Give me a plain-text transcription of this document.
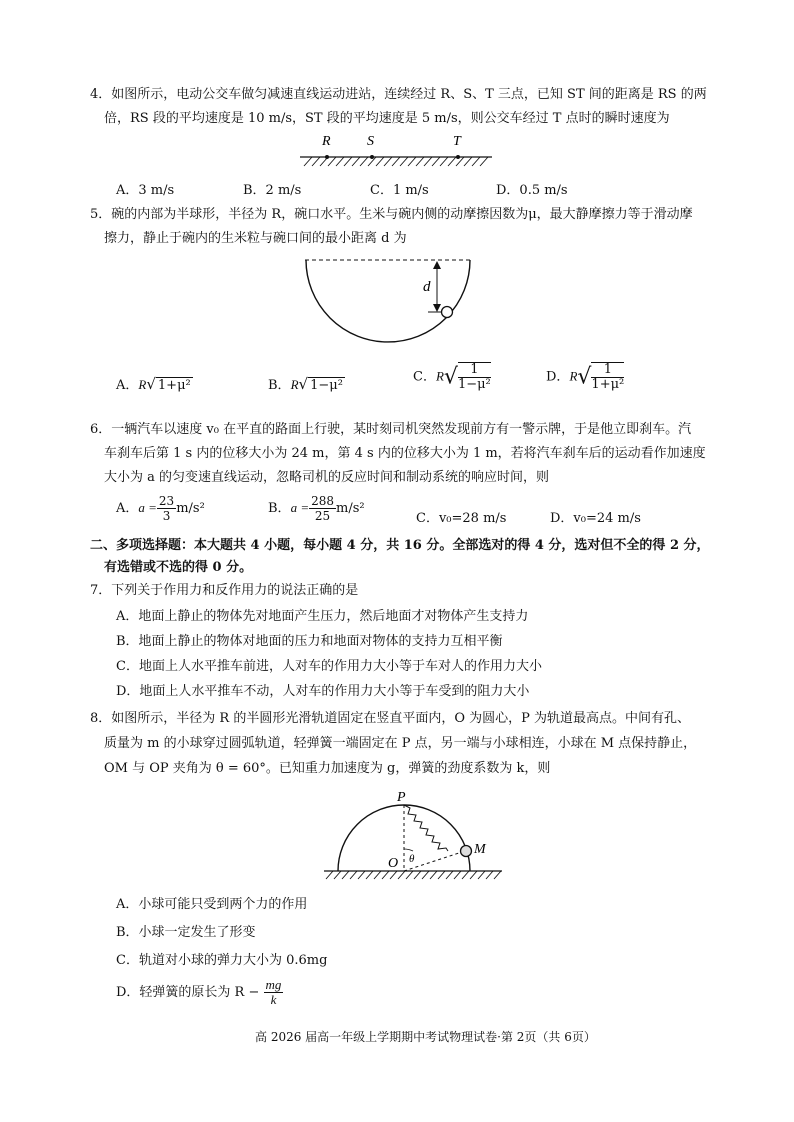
4．如图所示，电动公交车做匀减速直线运动进站，连续经过 R、S、T 三点，已知 ST 间的距离是 RS 的两
倍，RS 段的平均速度是 10 m/s，ST 段的平均速度是 5 m/s，则公交车经过 T 点时的瞬时速度为
R	S	T
A．3 m/s	B．2 m/s	C．1 m/s	D．0.5 m/s
5．碗的内部为半球形，半径为 R，碗口水平。生米与碗内侧的动摩擦因数为μ，最大静摩擦力等于滑动摩
擦力，静止于碗内的生米粒与碗口间的最小距离 d 为
d
A．R√ 1+μ²	B．R√ 1−μ²
C．$R√ \frac{1}{\text{1−μ²}}$	D．$R√ \frac{1}{\text{1+μ²}}$
6．一辆汽车以速度 v₀ 在平直的路面上行驶，某时刻司机突然发现前方有一警示牌，于是他立即刹车。汽
车刹车后第 1 s 内的位移大小为 24 m，第 4 s 内的位移大小为 1 m，若将汽车刹车后的运动看作加速度
大小为 a 的匀变速直线运动，忽略司机的反应时间和制动系统的响应时间，则
A．$a = \frac{23}{3} m/s^2$	B．$a = \frac{288}{25} m/s^2$
C．v₀=28 m/s	D．v₀=24 m/s
二、多项选择题：本大题共 4 小题，每小题 4 分，共 16 分。全部选对的得 4 分，选对但不全的得 2 分，
有选错或不选的得 0 分。
7．下列关于作用力和反作用力的说法正确的是
A．地面上静止的物体先对地面产生压力，然后地面才对物体产生支持力
B．地面上静止的物体对地面的压力和地面对物体的支持力互相平衡
C．地面上人水平推车前进，人对车的作用力大小等于车对人的作用力大小
D．地面上人水平推车不动，人对车的作用力大小等于车受到的阻力大小
8．如图所示，半径为 R 的半圆形光滑轨道固定在竖直平面内，O 为圆心，P 为轨道最高点。中间有孔、
质量为 m 的小球穿过圆弧轨道，轻弹簧一端固定在 P 点，另一端与小球相连，小球在 M 点保持静止，
OM 与 OP 夹角为 θ = 60°。已知重力加速度为 g，弹簧的劲度系数为 k，则
P
M
O θ
A．小球可能只受到两个力的作用
B．小球一定发生了形变
C．轨道对小球的弹力大小为 0.6mg
D．轻弹簧的原长为 $R - \frac{mg}{k}$
高 2026 届高一年级上学期期中考试物理试卷·第 2页（共 6页）
